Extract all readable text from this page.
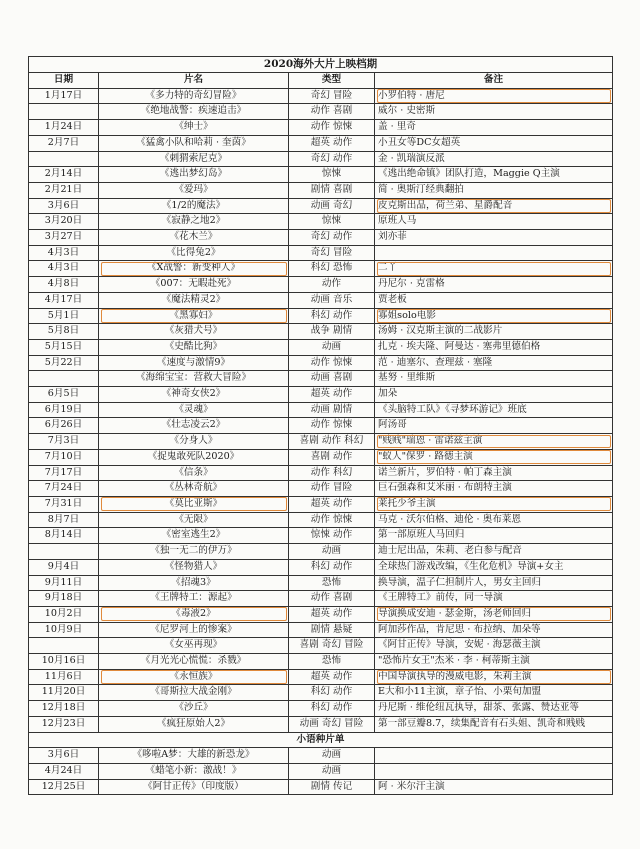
2020海外大片上映档期			
日期	片名	类型	备注
1月17日	《多力特的奇幻冒险》	奇幻 冒险	小罗伯特 · 唐尼
	《绝地战警：疾速追击》	动作 喜剧	威尔 · 史密斯
1月24日	《绅士》	动作 惊悚	盖 · 里奇
2月7日	《猛禽小队和哈莉 · 奎茵》	超英 动作	小丑女等DC女超英
	《刺猬索尼克》	奇幻 动作	金 · 凯瑞演反派
2月14日	《逃出梦幻岛》	惊悚	《逃出绝命镇》团队打造，Maggie Q主演
2月21日	《爱玛》	剧情 喜剧	简 · 奥斯汀经典翻拍
3月6日	《1/2的魔法》	动画 奇幻	皮克斯出品，荷兰弟、星爵配音
3月20日	《寂静之地2》	惊悚	原班人马
3月27日	《花木兰》	奇幻 动作	刘亦菲
4月3日	《比得兔2》	奇幻 冒险	
4月3日	《X战警：新变种人》	科幻 恐怖	二丫
4月8日	《007：无暇赴死》	动作	丹尼尔 · 克雷格
4月17日	《魔法精灵2》	动画 音乐	贾老板
5月1日	《黑寡妇》	科幻 动作	寡姐solo电影
5月8日	《灰猎犬号》	战争 剧情	汤姆 · 汉克斯主演的二战影片
5月15日	《史酷比狗》	动画	扎克 · 埃夫隆、阿曼达 · 塞弗里德伯格
5月22日	《速度与激情9》	动作 惊悚	范 · 迪塞尔、查理兹 · 塞隆
	《海绵宝宝：营救大冒险》	动画 喜剧	基努 · 里维斯
6月5日	《神奇女侠2》	超英 动作	加朵
6月19日	《灵魂》	动画 剧情	《头脑特工队》《寻梦环游记》班底
6月26日	《壮志凌云2》	动作 惊悚	阿汤哥
7月3日	《分身人》	喜剧 动作 科幻	"贱贱"瑞恩 · 雷诺兹主演
7月10日	《捉鬼敢死队2020》	喜剧 动作	"蚁人"保罗 · 路德主演
7月17日	《信条》	动作 科幻	诺兰新片，罗伯特 · 帕丁森主演
7月24日	《丛林奇航》	动作 冒险	巨石强森和艾米丽 · 布朗特主演
7月31日	《莫比亚斯》	超英 动作	莱托少爷主演
8月7日	《无限》	动作 惊悚	马克 · 沃尔伯格、迪伦 · 奥布莱恩
8月14日	《密室逃生2》	惊悚 动作	第一部原班人马回归
	《独一无二的伊万》	动画	迪士尼出品，朱莉、老白参与配音
9月4日	《怪物猎人》	科幻 动作	全球热门游戏改编，《生化危机》导演+女主
9月11日	《招魂3》	恐怖	换导演，温子仁担制片人，男女主回归
9月18日	《王牌特工：源起》	动作 喜剧	《王牌特工》前传，同一导演
10月2日	《毒液2》	超英 动作	导演换成安迪 · 瑟金斯，汤老师回归
10月9日	《尼罗河上的惨案》	剧情 悬疑	阿加莎作品，肯尼思 · 布拉纳、加朵等
	《女巫再现》	喜剧 奇幻 冒险	《阿甘正传》导演，安妮 · 海瑟薇主演
10月16日	《月光光心慌慌：杀戮》	恐怖	"恐怖片女王"杰米 · 李 · 柯蒂斯主演
11月6日	《永恒族》	超英 动作	中国导演执导的漫威电影，朱莉主演
11月20日	《哥斯拉大战金刚》	科幻 动作	E大和小11主演，章子怡、小栗旬加盟
12月18日	《沙丘》	科幻 动作	丹尼斯 · 维伦纽瓦执导，甜茶、张露、赞达亚等
12月23日	《疯狂原始人2》	动画 奇幻 冒险	第一部豆瓣8.7，续集配音有石头姐、凯奇和贱贱
小语种片单			
3月6日	《哆啦A梦：大雄的新恐龙》	动画	
4月24日	《蜡笔小新：激战！》	动画	
12月25日	《阿甘正传》（印度版）	剧情 传记	阿 · 米尔汗主演
